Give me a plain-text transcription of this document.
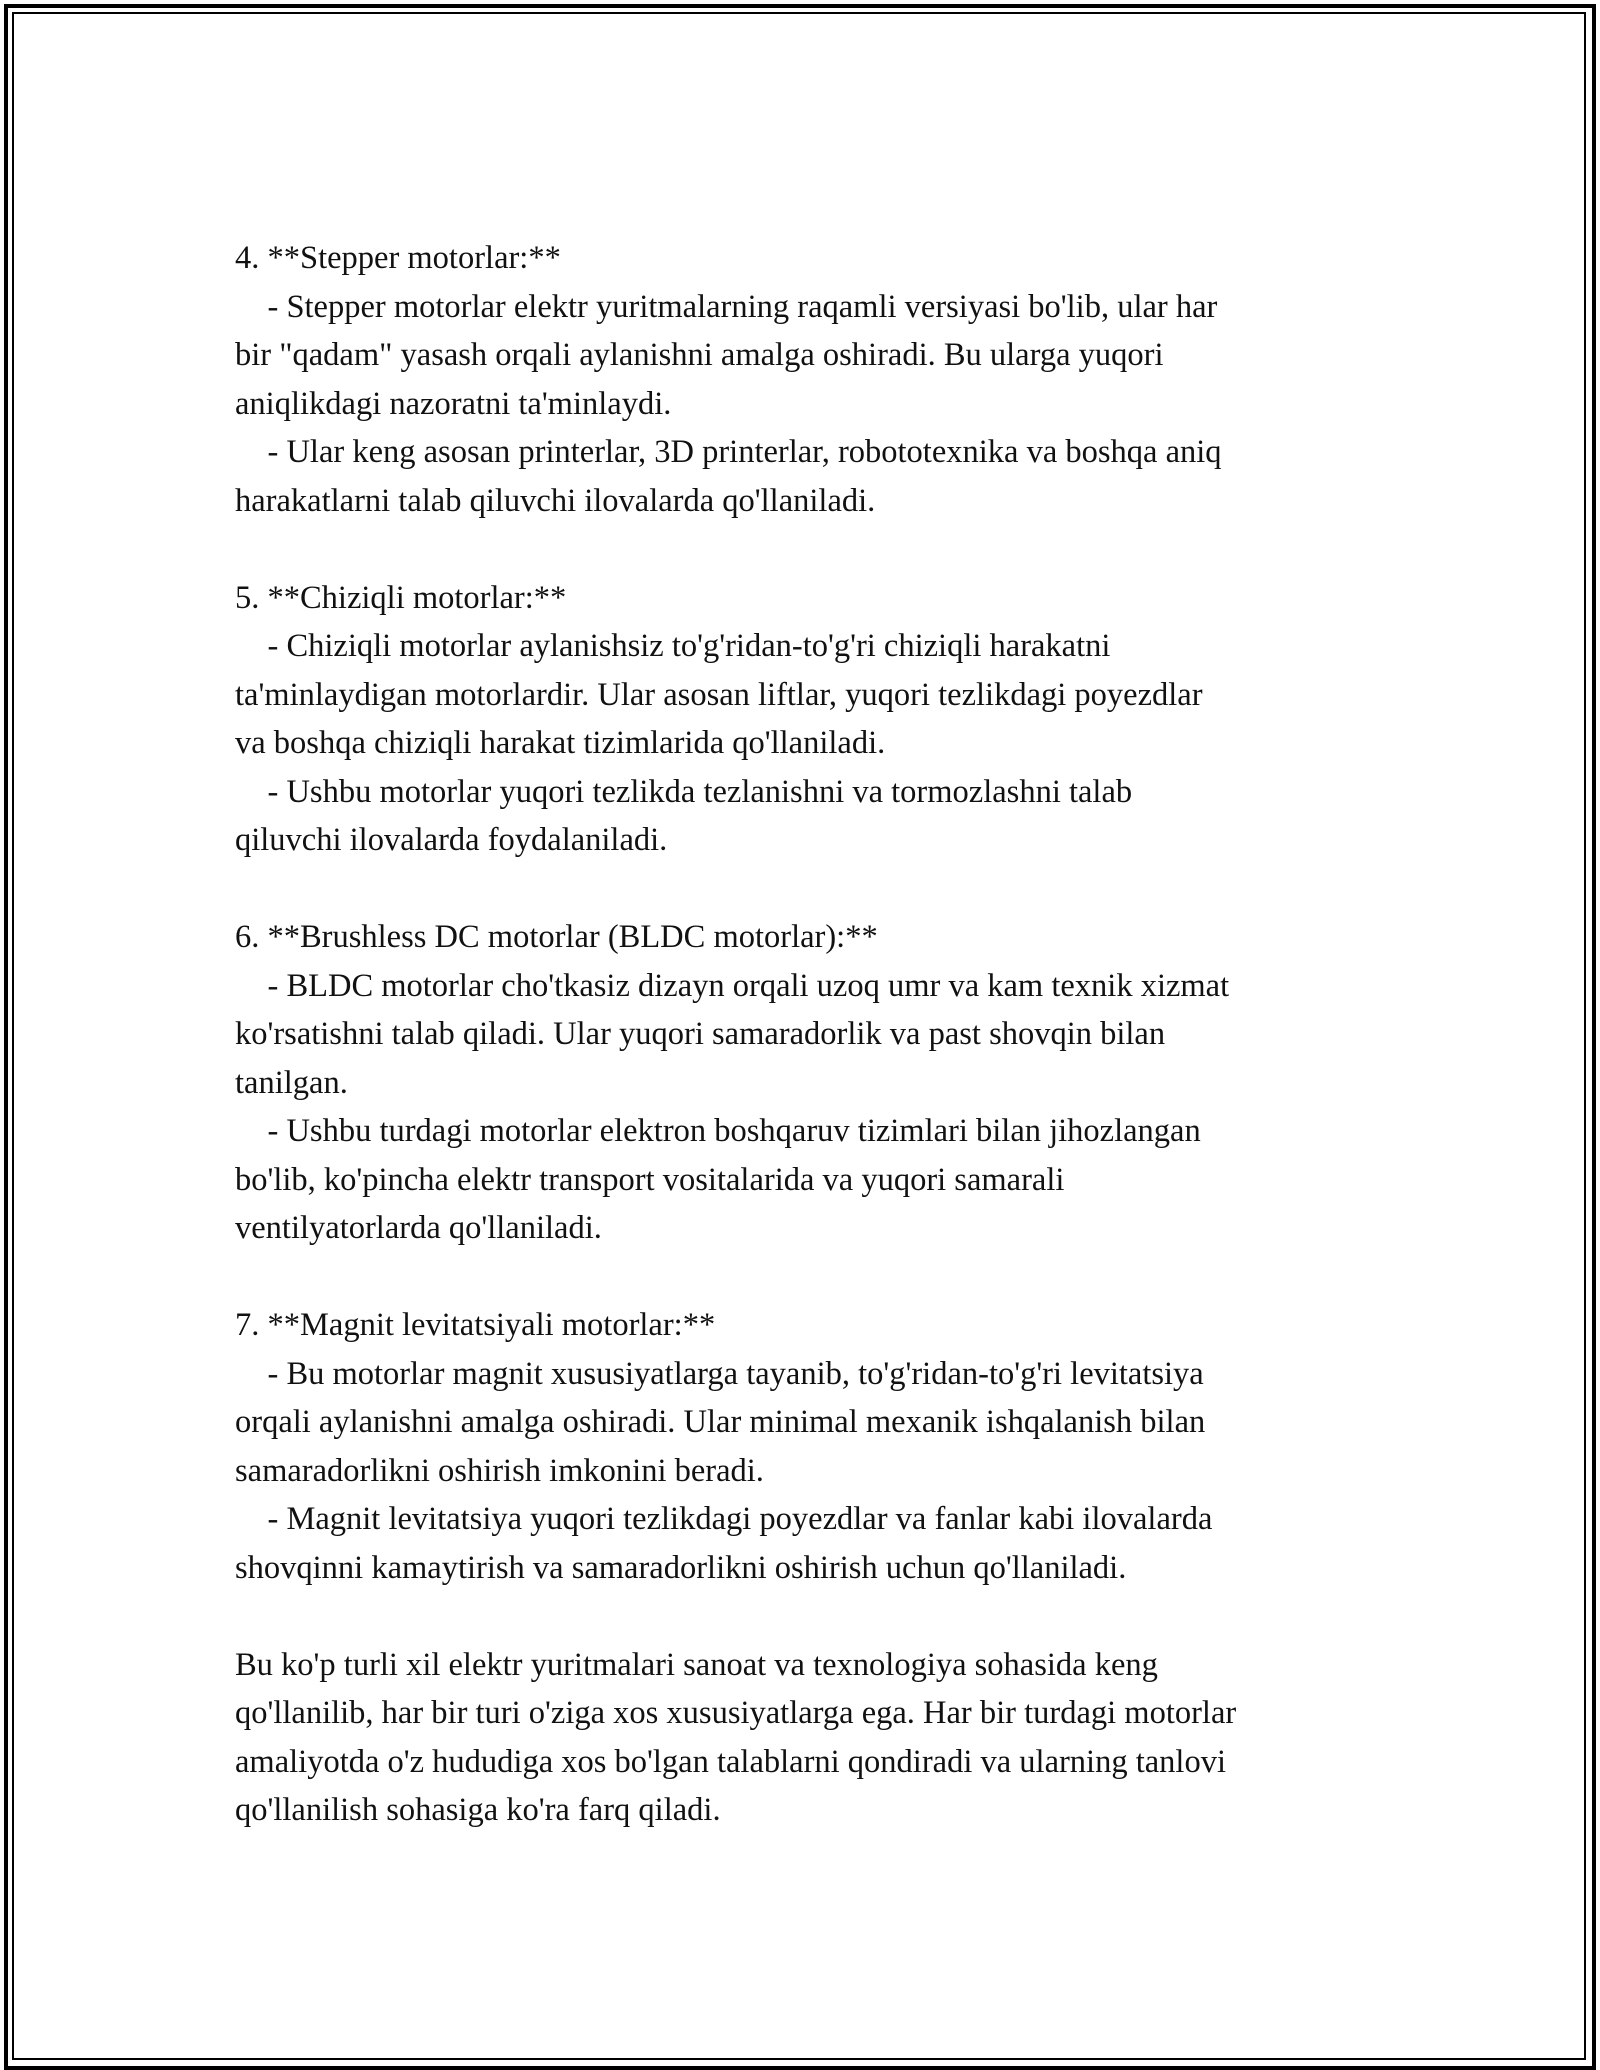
4. **Stepper motorlar:**
- Stepper motorlar elektr yuritmalarning raqamli versiyasi bo'lib, ular har
bir "qadam" yasash orqali aylanishni amalga oshiradi. Bu ularga yuqori
aniqlikdagi nazoratni ta'minlaydi.
- Ular keng asosan printerlar, 3D printerlar, robototexnika va boshqa aniq
harakatlarni talab qiluvchi ilovalarda qo'llaniladi.
5. **Chiziqli motorlar:**
- Chiziqli motorlar aylanishsiz to'g'ridan-to'g'ri chiziqli harakatni
ta'minlaydigan motorlardir. Ular asosan liftlar, yuqori tezlikdagi poyezdlar
va boshqa chiziqli harakat tizimlarida qo'llaniladi.
- Ushbu motorlar yuqori tezlikda tezlanishni va tormozlashni talab
qiluvchi ilovalarda foydalaniladi.
6. **Brushless DC motorlar (BLDC motorlar):**
- BLDC motorlar cho'tkasiz dizayn orqali uzoq umr va kam texnik xizmat
ko'rsatishni talab qiladi. Ular yuqori samaradorlik va past shovqin bilan
tanilgan.
- Ushbu turdagi motorlar elektron boshqaruv tizimlari bilan jihozlangan
bo'lib, ko'pincha elektr transport vositalarida va yuqori samarali
ventilyatorlarda qo'llaniladi.
7. **Magnit levitatsiyali motorlar:**
- Bu motorlar magnit xususiyatlarga tayanib, to'g'ridan-to'g'ri levitatsiya
orqali aylanishni amalga oshiradi. Ular minimal mexanik ishqalanish bilan
samaradorlikni oshirish imkonini beradi.
- Magnit levitatsiya yuqori tezlikdagi poyezdlar va fanlar kabi ilovalarda
shovqinni kamaytirish va samaradorlikni oshirish uchun qo'llaniladi.
Bu ko'p turli xil elektr yuritmalari sanoat va texnologiya sohasida keng
qo'llanilib, har bir turi o'ziga xos xususiyatlarga ega. Har bir turdagi motorlar
amaliyotda o'z hududiga xos bo'lgan talablarni qondiradi va ularning tanlovi
qo'llanilish sohasiga ko'ra farq qiladi.
